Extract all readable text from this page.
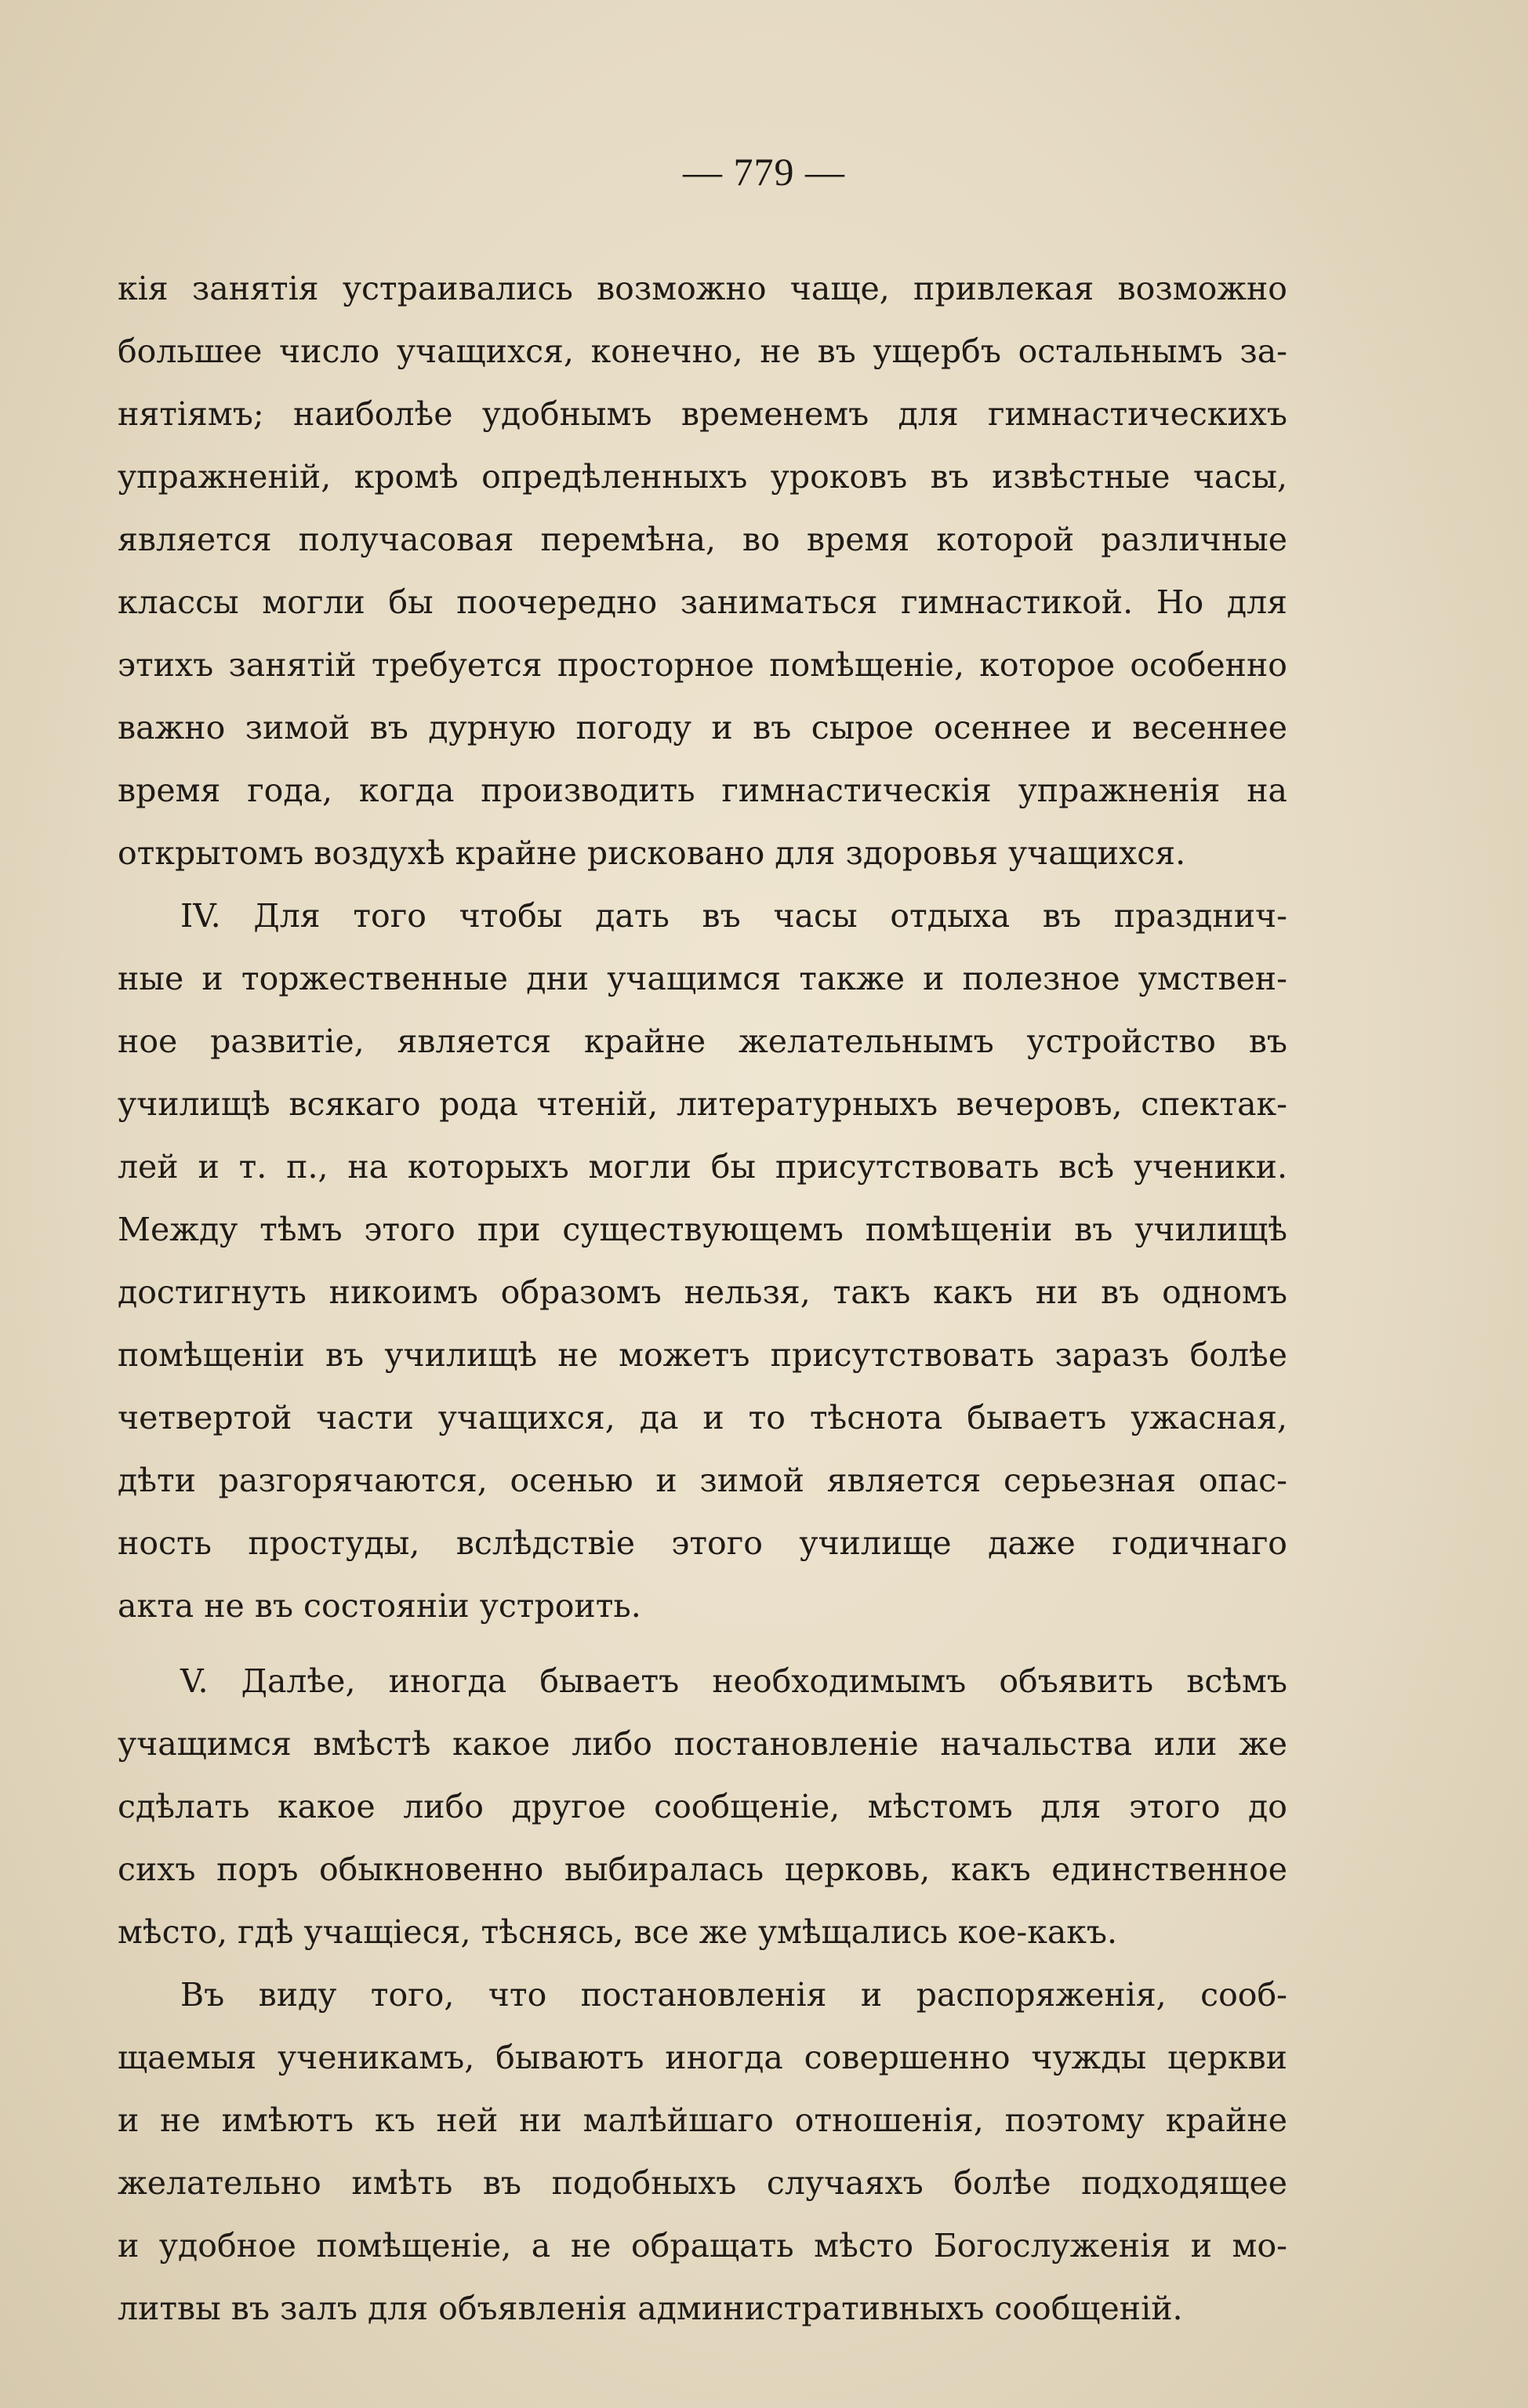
— 779 —
кія занятія устраивались возможно чаще, привлекая возможно
большее число учащихся, конечно, не въ ущербъ остальнымъ за-
нятіямъ; наиболѣе удобнымъ временемъ для гимнастическихъ
упражненій, кромѣ опредѣленныхъ уроковъ въ извѣстные часы,
является получасовая перемѣна, во время которой различные
классы могли бы поочередно заниматься гимнастикой. Но для
этихъ занятій требуется просторное помѣщеніе, которое особенно
важно зимой въ дурную погоду и въ сырое осеннее и весеннее
время года, когда производить гимнастическія упражненія на
открытомъ воздухѣ крайне рисковано для здоровья учащихся.
IV. Для того чтобы дать въ часы отдыха въ празднич-
ные и торжественные дни учащимся также и полезное умствен-
ное развитіе, является крайне желательнымъ устройство въ
училищѣ всякаго рода чтеній, литературныхъ вечеровъ, спектак-
лей и т. п., на которыхъ могли бы присутствовать всѣ ученики.
Между тѣмъ этого при существующемъ помѣщеніи въ училищѣ
достигнуть никоимъ образомъ нельзя, такъ какъ ни въ одномъ
помѣщеніи въ училищѣ не можетъ присутствовать заразъ болѣе
четвертой части учащихся, да и то тѣснота бываетъ ужасная,
дѣти разгорячаются, осенью и зимой является серьезная опас-
ность простуды, вслѣдствіе этого училище даже годичнаго
акта не въ состояніи устроить.
V. Далѣе, иногда бываетъ необходимымъ объявить всѣмъ
учащимся вмѣстѣ какое либо постановленіе начальства или же
сдѣлать какое либо другое сообщеніе, мѣстомъ для этого до
сихъ поръ обыкновенно выбиралась церковь, какъ единственное
мѣсто, гдѣ учащіеся, тѣснясь, все же умѣщались кое-какъ.
Въ виду того, что постановленія и распоряженія, сооб-
щаемыя ученикамъ, бываютъ иногда совершенно чужды церкви
и не имѣютъ къ ней ни малѣйшаго отношенія, поэтому крайне
желательно имѣть въ подобныхъ случаяхъ болѣе подходящее
и удобное помѣщеніе, а не обращать мѣсто Богослуженія и мо-
литвы въ залъ для объявленія административныхъ сообщеній.
